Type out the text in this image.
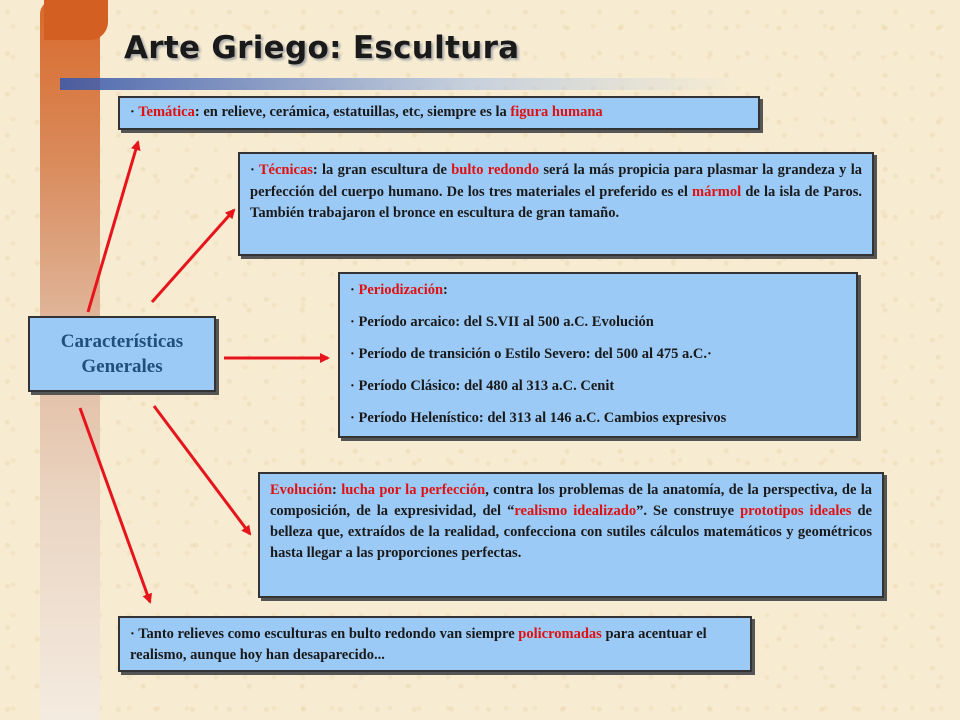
Arte Griego: Escultura
Características
Generales
· Temática: en relieve, cerámica, estatuillas, etc, siempre es la figura humana
· Técnicas: la gran escultura de bulto redondo será la más propicia para plasmar la grandeza y la perfección del cuerpo humano. De los tres materiales el preferido es el mármol de la isla de Paros. También trabajaron el bronce en escultura de gran tamaño.
· Periodización:
· Período arcaico: del S.VII al 500 a.C. Evolución
· Período de transición o Estilo Severo: del 500 al 475 a.C.·
· Período Clásico: del 480 al 313 a.C. Cenit
· Período Helenístico: del 313 al 146 a.C. Cambios expresivos
Evolución: lucha por la perfección, contra los problemas de la anatomía, de la perspectiva, de la composición, de la expresividad, del “realismo idealizado”. Se construye prototipos ideales de belleza que, extraídos de la realidad, confecciona con sutiles cálculos matemáticos y geométricos hasta llegar a las proporciones perfectas.
· Tanto relieves como esculturas en bulto redondo van siempre policromadas para acentuar el realismo, aunque hoy han desaparecido...
